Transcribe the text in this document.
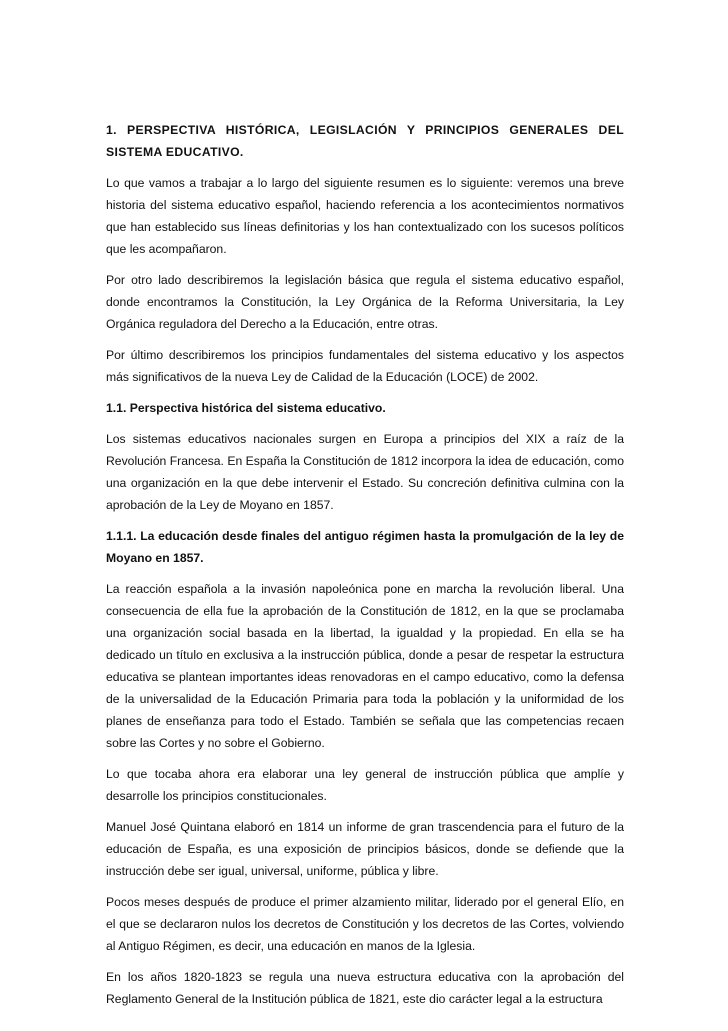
1. PERSPECTIVA HISTÓRICA, LEGISLACIÓN Y PRINCIPIOS GENERALES DEL SISTEMA EDUCATIVO.

Lo que vamos a trabajar a lo largo del siguiente resumen es lo siguiente: veremos una breve historia del sistema educativo español, haciendo referencia a los acontecimientos normativos que han establecido sus líneas definitorias y los han contextualizado con los sucesos políticos que les acompañaron.

Por otro lado describiremos la legislación básica que regula el sistema educativo español, donde encontramos la Constitución, la Ley Orgánica de la Reforma Universitaria, la Ley Orgánica reguladora del Derecho a la Educación, entre otras.

Por último describiremos los principios fundamentales del sistema educativo y los aspectos más significativos de la nueva Ley de Calidad de la Educación (LOCE) de 2002.

1.1. Perspectiva histórica del sistema educativo.

Los sistemas educativos nacionales surgen en Europa a principios del XIX a raíz de la Revolución Francesa. En España la Constitución de 1812 incorpora la idea de educación, como una organización en la que debe intervenir el Estado. Su concreción definitiva culmina con la aprobación de la Ley de Moyano en 1857.

1.1.1. La educación desde finales del antiguo régimen hasta la promulgación de la ley de Moyano en 1857.

La reacción española a la invasión napoleónica pone en marcha la revolución liberal. Una consecuencia de ella fue la aprobación de la Constitución de 1812, en la que se proclamaba una organización social basada en la libertad, la igualdad y la propiedad. En ella se ha dedicado un título en exclusiva a la instrucción pública, donde a pesar de respetar la estructura educativa se plantean importantes ideas renovadoras en el campo educativo, como la defensa de la universalidad de la Educación Primaria para toda la población y la uniformidad de los planes de enseñanza para todo el Estado. También se señala que las competencias recaen sobre las Cortes y no sobre el Gobierno.

Lo que tocaba ahora era elaborar una ley general de instrucción pública que amplíe y desarrolle los principios constitucionales.

Manuel José Quintana elaboró en 1814 un informe de gran trascendencia para el futuro de la educación de España, es una exposición de principios básicos, donde se defiende que la instrucción debe ser igual, universal, uniforme, pública y libre.

Pocos meses después de produce el primer alzamiento militar, liderado por el general Elío, en el que se declararon nulos los decretos de Constitución y los decretos de las Cortes, volviendo al Antiguo Régimen, es decir, una educación en manos de la Iglesia.

En los años 1820-1823 se regula una nueva estructura educativa con la aprobación del Reglamento General de la Institución pública de 1821, este dio carácter legal a la estructura
